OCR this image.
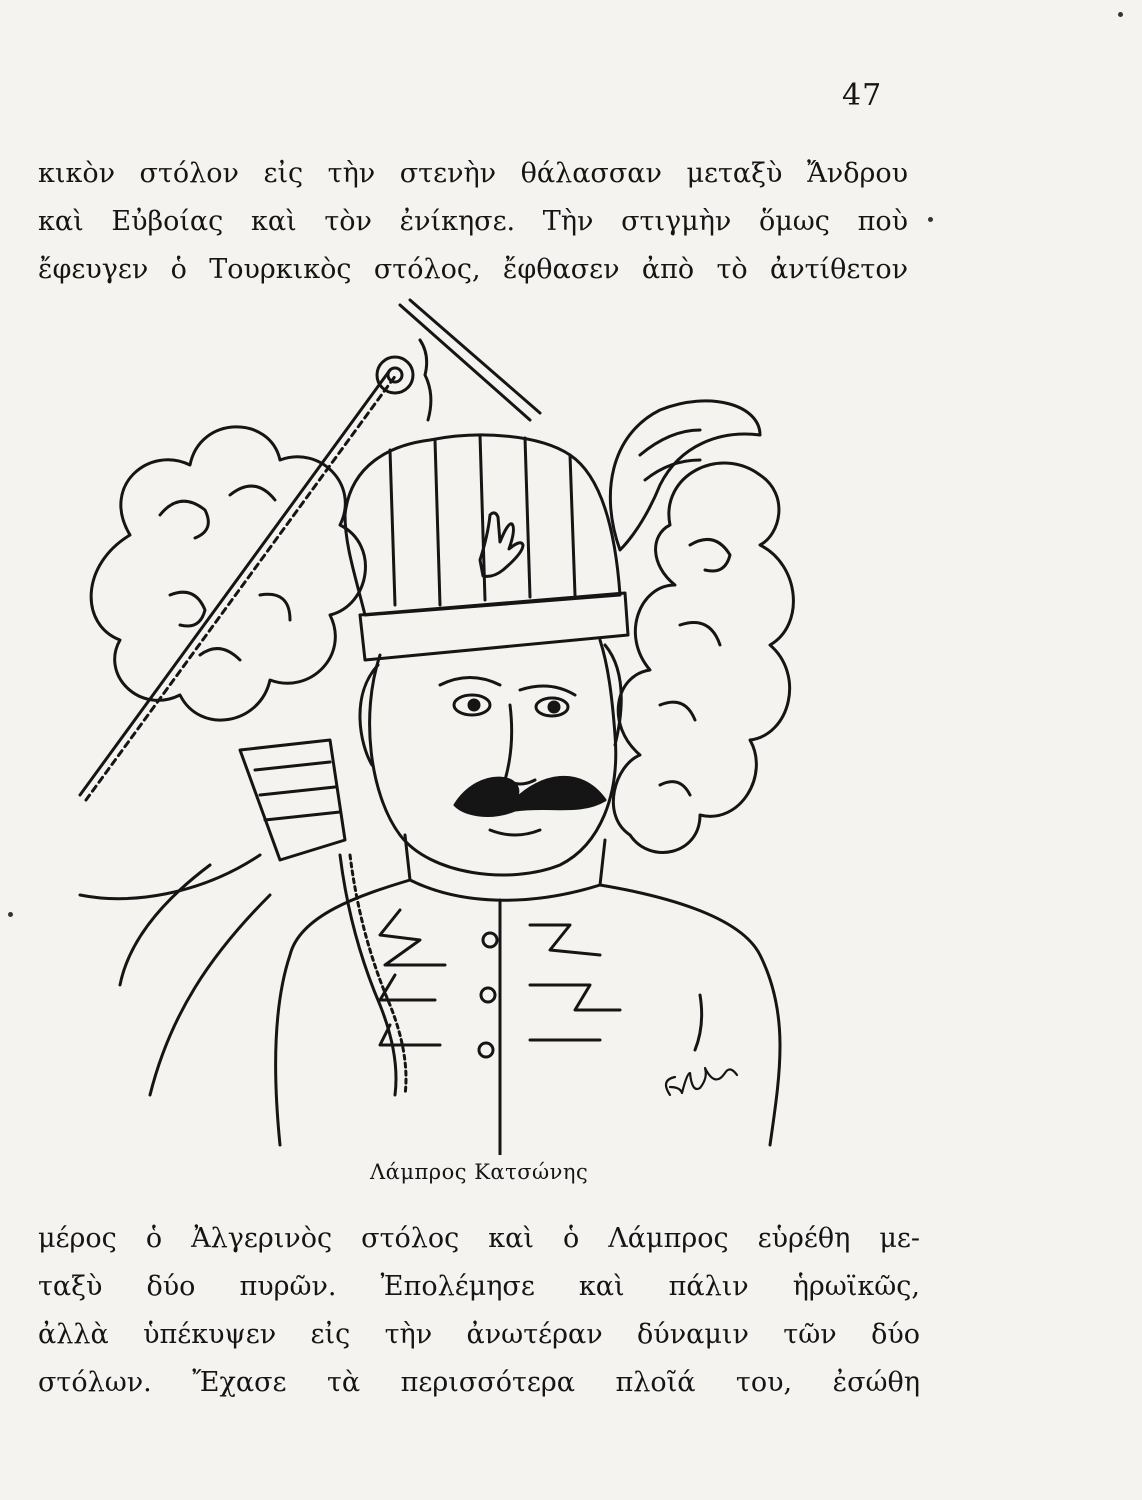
47
κικὸν στόλον εἰς τὴν στενὴν θάλασσαν μεταξὺ Ἄνδρου
καὶ Εὐβοίας καὶ τὸν ἐνίκησε. Τὴν στιγμὴν ὅμως ποὺ
ἔφευγεν ὁ Τουρκικὸς στόλος, ἔφθασεν ἀπὸ τὸ ἀντίθετον
Λάμπρος Κατσώνης
μέρος ὁ Ἀλγερινὸς στόλος καὶ ὁ Λάμπρος εὑρέθη με-
ταξὺ δύο πυρῶν. Ἐπολέμησε καὶ πάλιν ἡρωϊκῶς,
ἀλλὰ ὑπέκυψεν εἰς τὴν ἀνωτέραν δύναμιν τῶν δύο
στόλων. Ἔχασε τὰ περισσότερα πλοῖά του, ἐσώθη
